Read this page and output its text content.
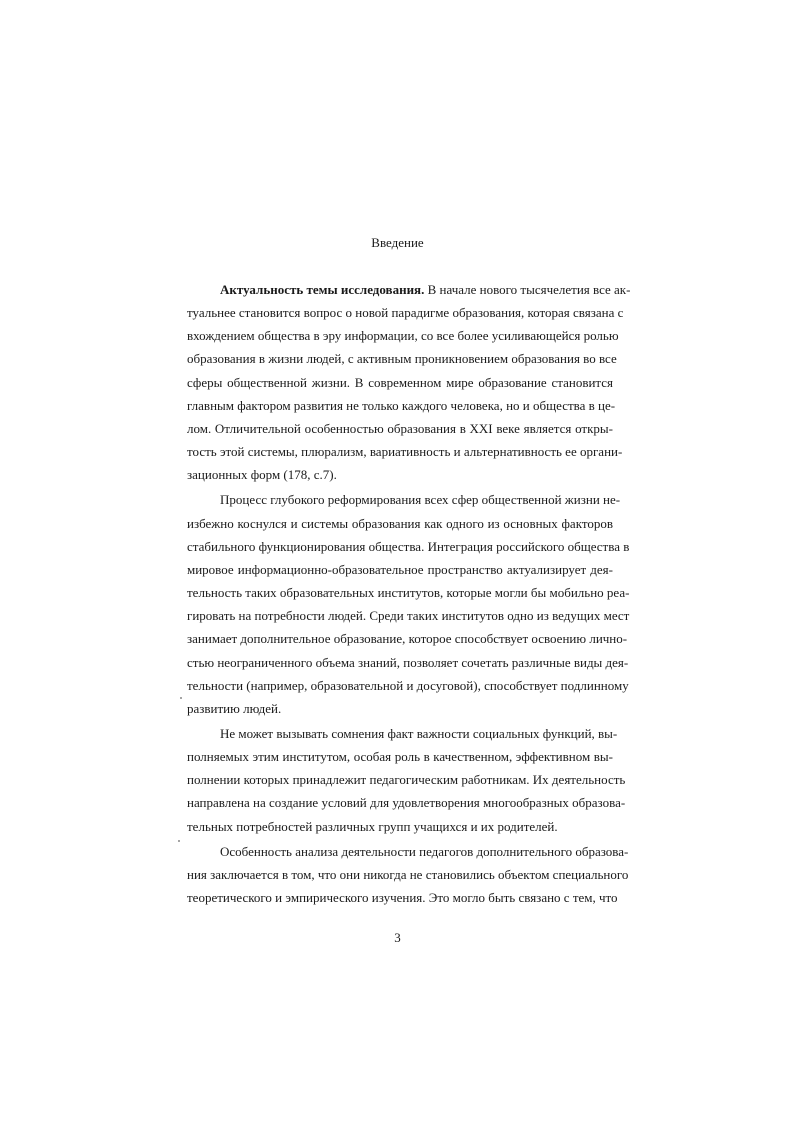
Введение
Актуальность темы исследования. В начале нового тысячелетия все ак-
туальнее становится вопрос о новой парадигме образования, которая связана с
вхождением общества в эру информации, со все более усиливающейся ролью
образования в жизни людей, с активным проникновением образования во все
сферы общественной жизни. В современном мире образование становится
главным фактором развития не только каждого человека, но и общества в це-
лом. Отличительной особенностью образования в XXI веке является откры-
тость этой системы, плюрализм, вариативность и альтернативность ее органи-
зационных форм (178, с.7).
Процесс глубокого реформирования всех сфер общественной жизни не-
избежно коснулся и системы образования как одного из основных факторов
стабильного функционирования общества. Интеграция российского общества в
мировое информационно-образовательное пространство актуализирует дея-
тельность таких образовательных институтов, которые могли бы мобильно реа-
гировать на потребности людей. Среди таких институтов одно из ведущих мест
занимает дополнительное образование, которое способствует освоению лично-
стью неограниченного объема знаний, позволяет сочетать различные виды дея-
тельности (например, образовательной и досуговой), способствует подлинному
развитию людей.
Не может вызывать сомнения факт важности социальных функций, вы-
полняемых этим институтом, особая роль в качественном, эффективном вы-
полнении которых принадлежит педагогическим работникам. Их деятельность
направлена на создание условий для удовлетворения многообразных образова-
тельных потребностей различных групп учащихся и их родителей.
Особенность анализа деятельности педагогов дополнительного образова-
ния заключается в том, что они никогда не становились объектом специального
теоретического и эмпирического изучения. Это могло быть связано с тем, что
3
